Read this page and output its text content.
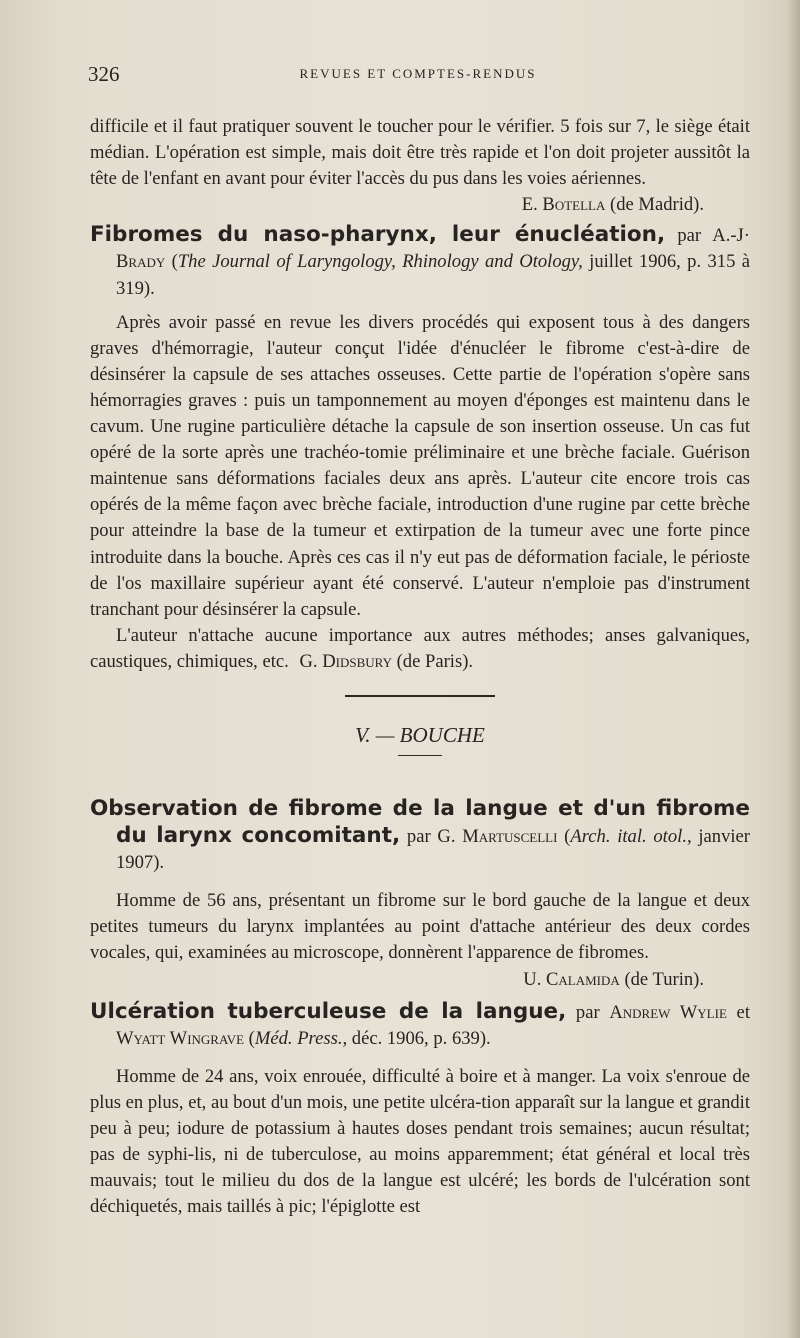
326	REVUES ET COMPTES-RENDUS

difficile et il faut pratiquer souvent le toucher pour le vérifier. 5 fois sur 7, le siège était médian. L'opération est simple, mais doit être très rapide et l'on doit projeter aussitôt la tête de l'enfant en avant pour éviter l'accès du pus dans les voies aériennes.

E. Botella (de Madrid).

Fibromes du naso-pharynx, leur énucléation, par A.-J· Brady (The Journal of Laryngology, Rhinology and Otology, juillet 1906, p. 315 à 319).

Après avoir passé en revue les divers procédés qui exposent tous à des dangers graves d'hémorragie, l'auteur conçut l'idée d'énucléer le fibrome c'est-à-dire de désinsérer la capsule de ses attaches osseuses. Cette partie de l'opération s'opère sans hémorragies graves : puis un tamponnement au moyen d'éponges est maintenu dans le cavum. Une rugine particulière détache la capsule de son insertion osseuse. Un cas fut opéré de la sorte après une trachéo-tomie préliminaire et une brèche faciale. Guérison maintenue sans déformations faciales deux ans après. L'auteur cite encore trois cas opérés de la même façon avec brèche faciale, introduction d'une rugine par cette brèche pour atteindre la base de la tumeur et extirpation de la tumeur avec une forte pince introduite dans la bouche. Après ces cas il n'y eut pas de déformation faciale, le périoste de l'os maxillaire supérieur ayant été conservé. L'auteur n'emploie pas d'instrument tranchant pour désinsérer la capsule.

L'auteur n'attache aucune importance aux autres méthodes; anses galvaniques, caustiques, chimiques, etc. G. Didsbury (de Paris).

V. — BOUCHE

Observation de fibrome de la langue et d'un fibrome du larynx concomitant, par G. Martuscelli (Arch. ital. otol., janvier 1907).

Homme de 56 ans, présentant un fibrome sur le bord gauche de la langue et deux petites tumeurs du larynx implantées au point d'attache antérieur des deux cordes vocales, qui, examinées au microscope, donnèrent l'apparence de fibromes.

U. Calamida (de Turin).

Ulcération tuberculeuse de la langue, par Andrew Wylie et Wyatt Wingrave (Méd. Press., déc. 1906, p. 639).

Homme de 24 ans, voix enrouée, difficulté à boire et à manger. La voix s'enroue de plus en plus, et, au bout d'un mois, une petite ulcéra-tion apparaît sur la langue et grandit peu à peu; iodure de potassium à hautes doses pendant trois semaines; aucun résultat; pas de syphi-lis, ni de tuberculose, au moins apparemment; état général et local très mauvais; tout le milieu du dos de la langue est ulcéré; les bords de l'ulcération sont déchiquetés, mais taillés à pic; l'épiglotte est
